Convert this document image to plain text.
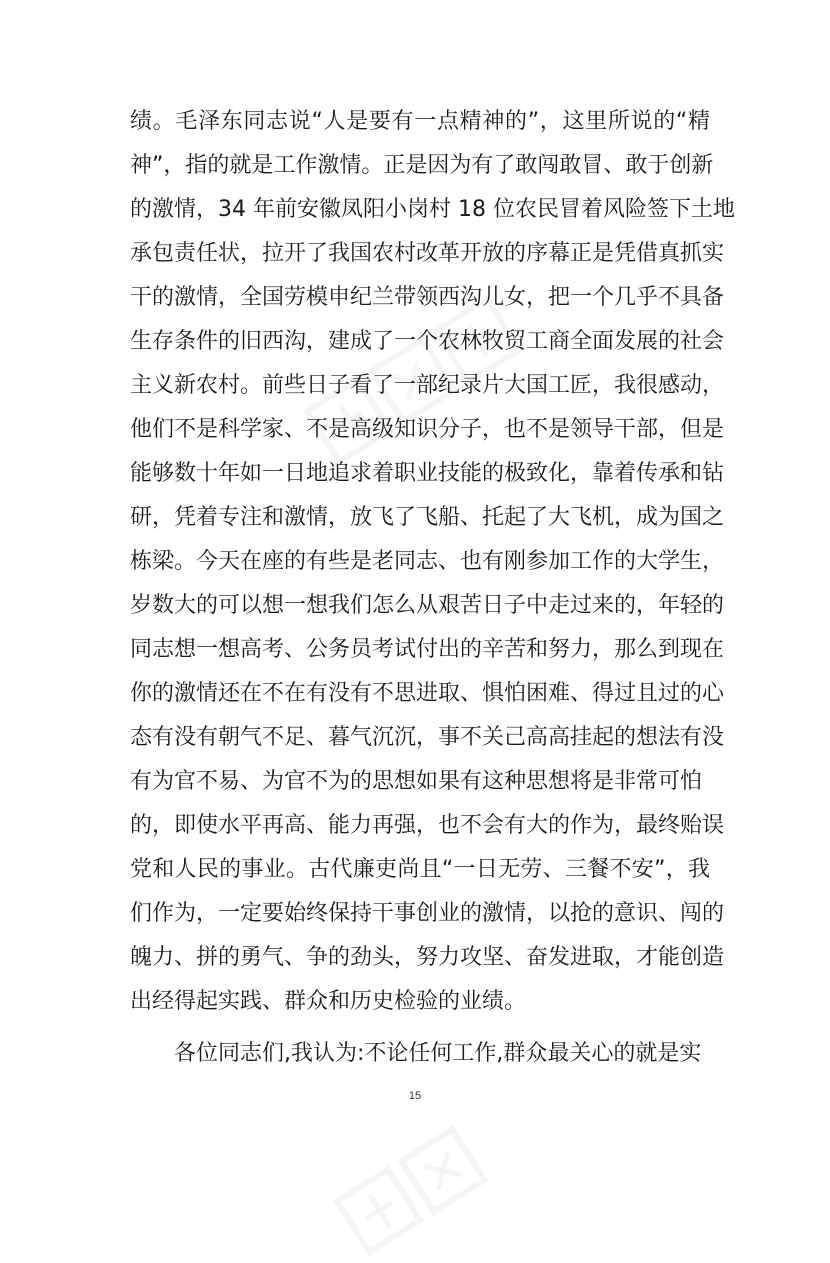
绩。毛泽东同志说“人是要有一点精神的”，这里所说的“精
神”，指的就是工作激情。正是因为有了敢闯敢冒、敢于创新
的激情，34 年前安徽凤阳小岗村 18 位农民冒着风险签下土地
承包责任状，拉开了我国农村改革开放的序幕正是凭借真抓实
干的激情，全国劳模申纪兰带领西沟儿女，把一个几乎不具备
生存条件的旧西沟，建成了一个农林牧贸工商全面发展的社会
主义新农村。前些日子看了一部纪录片大国工匠，我很感动，
他们不是科学家、不是高级知识分子，也不是领导干部，但是
能够数十年如一日地追求着职业技能的极致化，靠着传承和钻
研，凭着专注和激情，放飞了飞船、托起了大飞机，成为国之
栋梁。今天在座的有些是老同志、也有刚参加工作的大学生，
岁数大的可以想一想我们怎么从艰苦日子中走过来的，年轻的
同志想一想高考、公务员考试付出的辛苦和努力，那么到现在
你的激情还在不在有没有不思进取、惧怕困难、得过且过的心
态有没有朝气不足、暮气沉沉，事不关己高高挂起的想法有没
有为官不易、为官不为的思想如果有这种思想将是非常可怕
的，即使水平再高、能力再强，也不会有大的作为，最终贻误
党和人民的事业。古代廉吏尚且“一日无劳、三餐不安”，我
们作为，一定要始终保持干事创业的激情，以抢的意识、闯的
魄力、拼的勇气、争的劲头，努力攻坚、奋发进取，才能创造
出经得起实践、群众和历史检验的业绩。
各位同志们,我认为:不论任何工作,群众最关心的就是实
15
